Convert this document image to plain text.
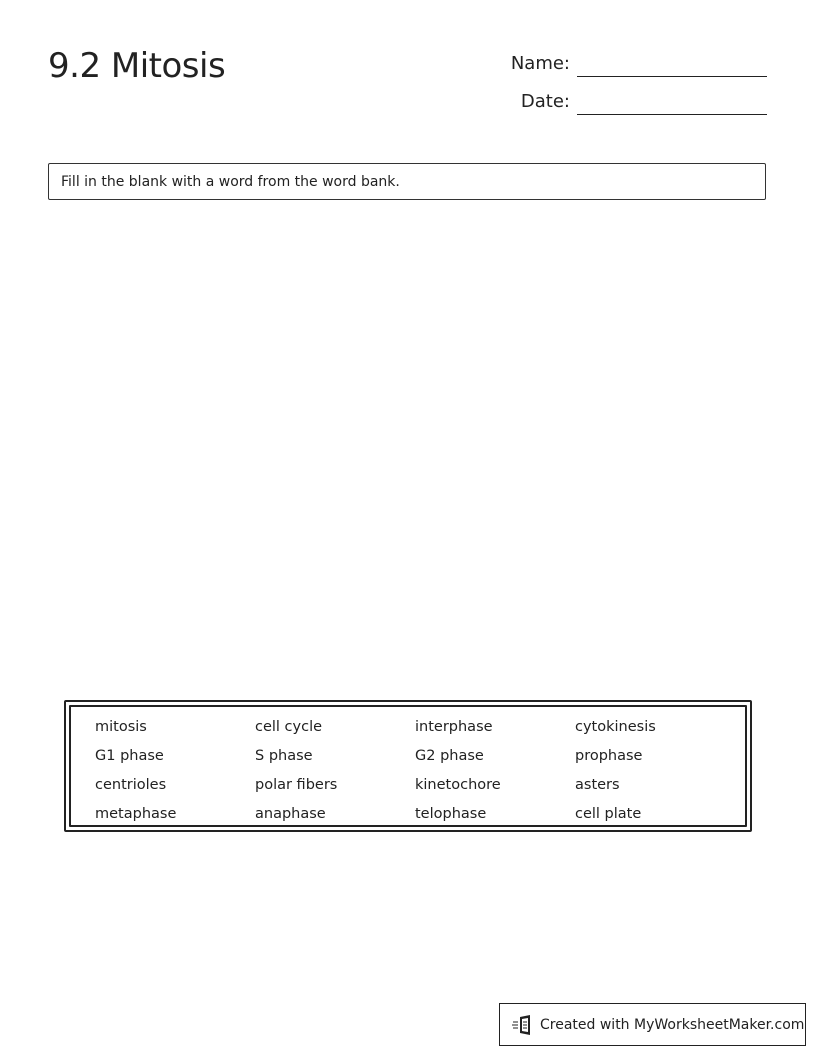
9.2 Mitosis	Name:
Date:
Fill in the blank with a word from the word bank.
mitosis	cell cycle	interphase	cytokinesis
G1 phase	S phase	G2 phase	prophase
centrioles	polar fibers	kinetochore	asters
metaphase	anaphase	telophase	cell plate
Created with MyWorksheetMaker.com
